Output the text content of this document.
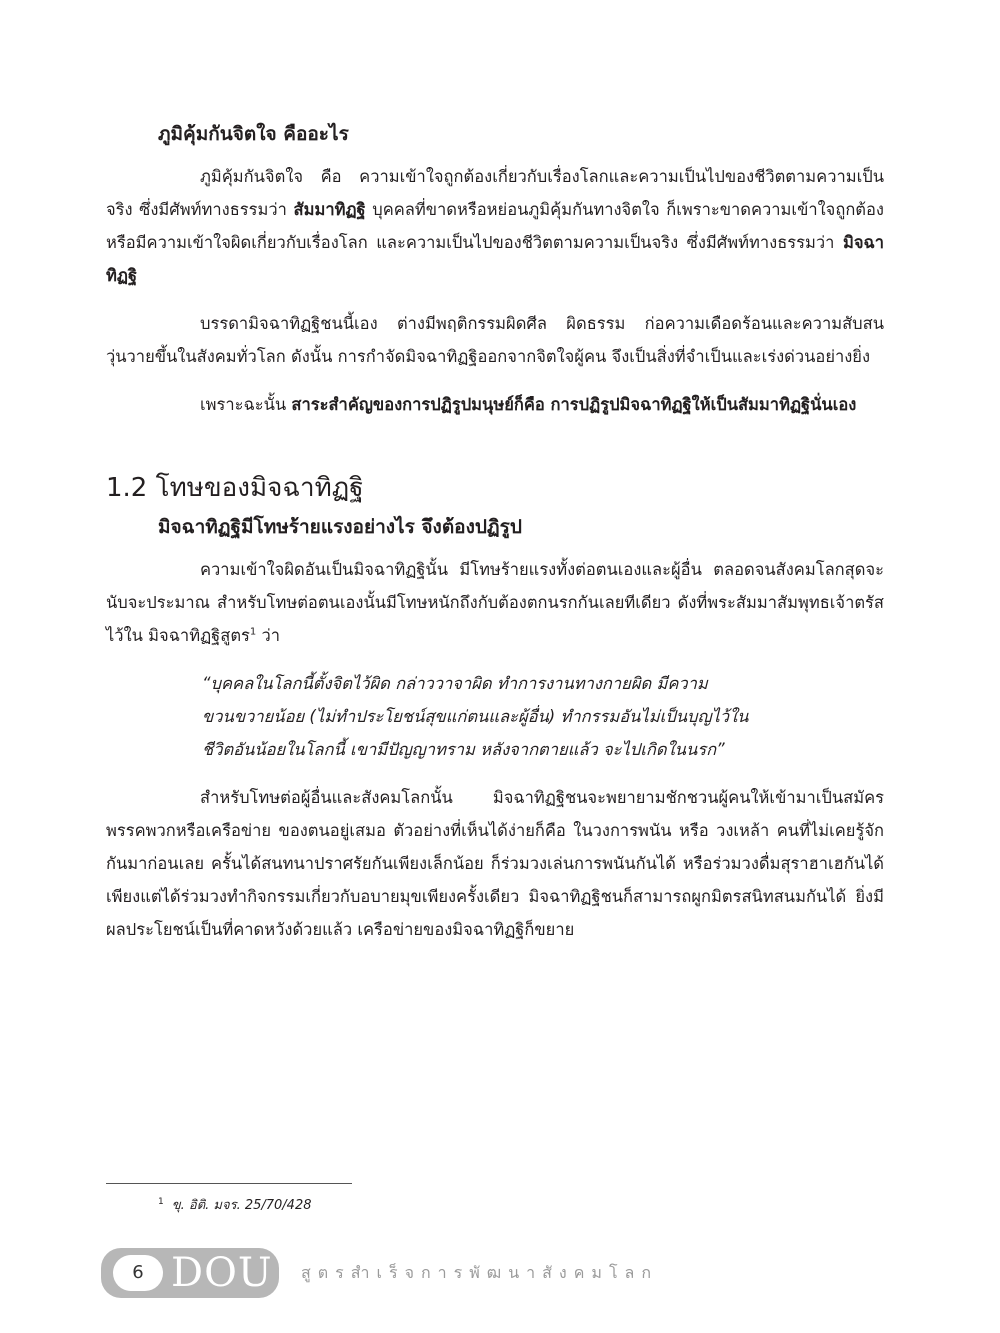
ภูมิคุ้มกันจิตใจ คืออะไร

ภูมิคุ้มกันจิตใจ คือ ความเข้าใจถูกต้องเกี่ยวกับเรื่องโลกและความเป็นไปของชีวิตตามความเป็นจริง ซึ่งมีศัพท์ทางธรรมว่า สัมมาทิฏฐิ บุคคลที่ขาดหรือหย่อนภูมิคุ้มกันทางจิตใจ ก็เพราะขาดความเข้าใจถูกต้องหรือมีความเข้าใจผิดเกี่ยวกับเรื่องโลก และความเป็นไปของชีวิตตามความเป็นจริง ซึ่งมีศัพท์ทางธรรมว่า มิจฉาทิฏฐิ

บรรดามิจฉาทิฏฐิชนนี้เอง ต่างมีพฤติกรรมผิดศีล ผิดธรรม ก่อความเดือดร้อนและความสับสนวุ่นวายขึ้นในสังคมทั่วโลก ดังนั้น การกำจัดมิจฉาทิฏฐิออกจากจิตใจผู้คน จึงเป็นสิ่งที่จำเป็นและเร่งด่วนอย่างยิ่ง

เพราะฉะนั้น สาระสำคัญของการปฏิรูปมนุษย์ก็คือ การปฏิรูปมิจฉาทิฏฐิให้เป็นสัมมาทิฏฐินั่นเอง

1.2 โทษของมิจฉาทิฏฐิ
มิจฉาทิฏฐิมีโทษร้ายแรงอย่างไร จึงต้องปฏิรูป

ความเข้าใจผิดอันเป็นมิจฉาทิฏฐินั้น มีโทษร้ายแรงทั้งต่อตนเองและผู้อื่น ตลอดจนสังคมโลกสุดจะนับจะประมาณ สำหรับโทษต่อตนเองนั้นมีโทษหนักถึงกับต้องตกนรกกันเลยทีเดียว ดังที่พระสัมมาสัมพุทธเจ้าตรัสไว้ใน มิจฉาทิฏฐิสูตร$^1$ ว่า

“บุคคลในโลกนี้ตั้งจิตไว้ผิด กล่าววาจาผิด ทำการงานทางกายผิด มีความขวนขวายน้อย (ไม่ทำประโยชน์สุขแก่ตนและผู้อื่น) ทำกรรมอันไม่เป็นบุญไว้ในชีวิตอันน้อยในโลกนี้ เขามีปัญญาทราม หลังจากตายแล้ว จะไปเกิดในนรก”

สำหรับโทษต่อผู้อื่นและสังคมโลกนั้น มิจฉาทิฏฐิชนจะพยายามชักชวนผู้คนให้เข้ามาเป็นสมัครพรรคพวกหรือเครือข่าย ของตนอยู่เสมอ ตัวอย่างที่เห็นได้ง่ายก็คือ ในวงการพนัน หรือ วงเหล้า คนที่ไม่เคยรู้จักกันมาก่อนเลย ครั้นได้สนทนาปราศรัยกันเพียงเล็กน้อย ก็ร่วมวงเล่นการพนันกันได้ หรือร่วมวงดื่มสุราฮาเฮกันได้ เพียงแต่ได้ร่วมวงทำกิจกรรมเกี่ยวกับอบายมุขเพียงครั้งเดียว มิจฉาทิฏฐิชนก็สามารถผูกมิตรสนิทสนมกันได้ ยิ่งมีผลประโยชน์เป็นที่คาดหวังด้วยแล้ว เครือข่ายของมิจฉาทิฏฐิก็ขยาย

$^1$ ขุ. อิติ. มจร. 25/70/428
6 DOU สูตรสำเร็จการพัฒนาสังคมโลก
